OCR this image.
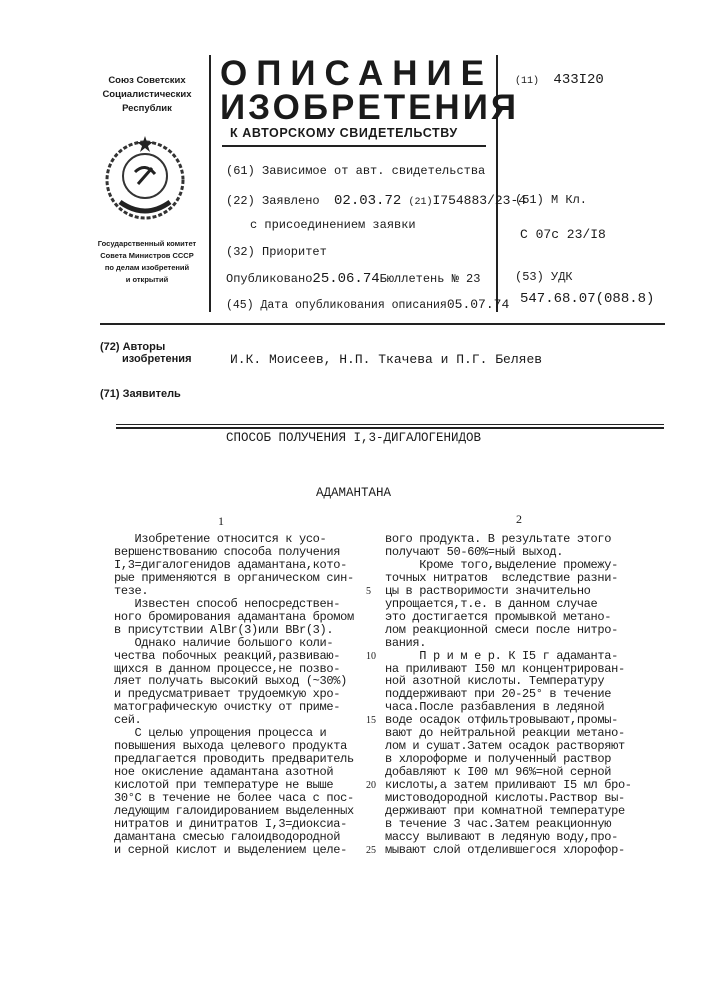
Союз Советских
Социалистических
Республик
Государственный комитет
Совета Министров СССР
по делам изобретений
и открытий
ОПИСАНИЕ
ИЗОБРЕТЕНИЯ
К АВТОРСКОМУ СВИДЕТЕЛЬСТВУ
(61) Зависимое от авт. свидетельства
(22) Заявлено 02.03.72 (21)I754883/23-4
с присоединением заявки
(32) Приоритет
Опубликовано25.06.74Бюллетень № 23
(45) Дата опубликования описания05.07.74
(11) 433I20
(51) М Кл.
С 07с 23/I8
(53) УДК
547.68.07(088.8)
(72) Авторы
изобретения	И.К. Моисеев, Н.П. Ткачева и П.Г. Беляев
(71) Заявитель
СПОСОБ ПОЛУЧЕНИЯ I,3-ДИГАЛОГЕНИДОВ
АДАМАНТАНА
1	2
Изобретение относится к усо-
вершенствованию способа получения
I,3=дигалогенидов адамантана,кото-
рые применяются в органическом син-
тезе.
Известен способ непосредствен-
ного бромирования адамантана бромом
в присутствии AlBr(3)или BBr(3).
Однако наличие большого коли-
чества побочных реакций,развиваю-
щихся в данном процессе,не позво-
ляет получать высокий выход (~30%)
и предусматривает трудоемкую хро-
матографическую очистку от приме-
сей.
С целью упрощения процесса и
повышения выхода целевого продукта
предлагается проводить предваритель
ное окисление адамантана азотной
кислотой при температуре не выше
30°С в течение не более часа с пос-
ледующим галоидированием выделенных
нитратов и динитратов I,3=диоксиа-
дамантана смесью галоидводородной
и серной кислот и выделением целе-
вого продукта. В результате этого
получают 50-60%=ный выход.
Кроме того,выделение промежу-
точных нитратов  вследствие разни-
цы в растворимости значительно
упрощается,т.е. в данном случае
это достигается промывкой метано-
лом реакционной смеси после нитро-
вания.
П р и м е р. К I5 г адаманта-
на приливают I50 мл концентрирован-
ной азотной кислоты. Температуру
поддерживают при 20-25° в течение
часа.После разбавления в ледяной
воде осадок отфильтровывают,промы-
вают до нейтральной реакции метано-
лом и сушат.Затем осадок растворяют
в хлороформе и полученный раствор
добавляют к I00 мл 96%=ной серной
кислоты,а затем приливают I5 мл бро-
мистоводородной кислоты.Раствор вы-
держивают при комнатной температуре
в течение 3 час.Затем реакционную
массу выливают в ледяную воду,про-
мывают слой отделившегося хлорофор-
5
10
15
20
25
